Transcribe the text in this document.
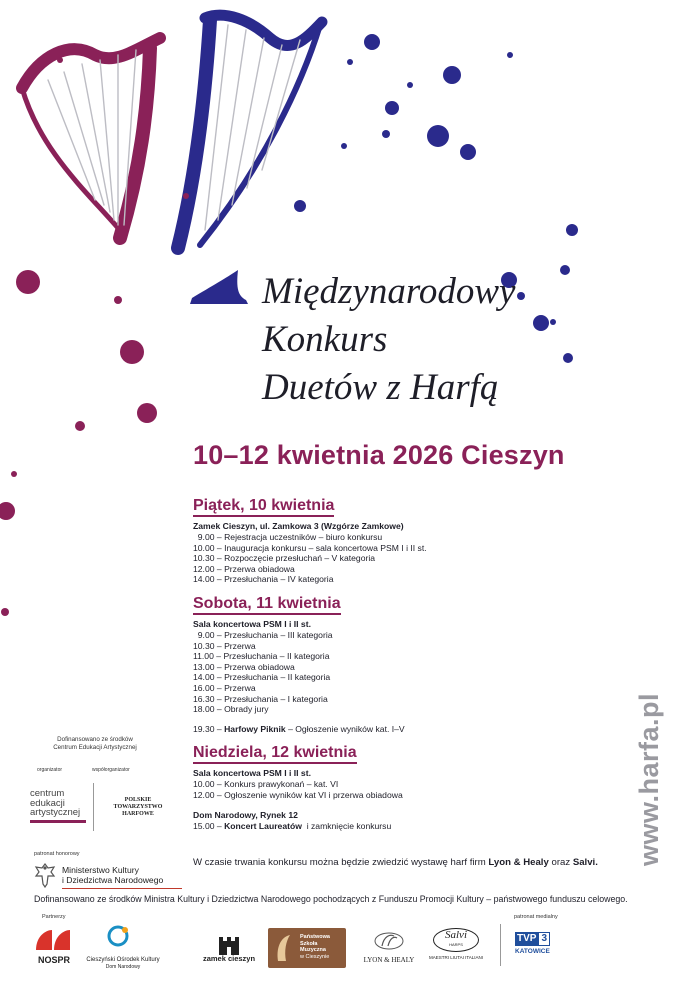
Międzynarodowy
Konkurs
Duetów z Harfą
10–12 kwietnia 2026 Cieszyn
Piątek, 10 kwietnia
Zamek Cieszyn, ul. Zamkowa 3 (Wzgórze Zamkowe)
9.00 – Rejestracja uczestników – biuro konkursu
10.00 – Inauguracja konkursu – sala koncertowa PSM I i II st.
10.30 – Rozpoczęcie przesłuchań – V kategoria
12.00 – Przerwa obiadowa
14.00 – Przesłuchania – IV kategoria
Sobota, 11 kwietnia
Sala koncertowa PSM I i II st.
9.00 – Przesłuchania – III kategoria
10.30 – Przerwa
11.00 – Przesłuchania – II kategoria
13.00 – Przerwa obiadowa
14.00 – Przesłuchania – II kategoria
16.00 – Przerwa
16.30 – Przesłuchania – I kategoria
18.00 – Obrady jury
19.30 – Harfowy Piknik – Ogłoszenie wyników kat. I–V
Niedziela, 12 kwietnia
Sala koncertowa PSM I i II st.
10.00 – Konkurs prawykonań – kat. VI
12.00 – Ogłoszenie wyników kat VI i przerwa obiadowa
Dom Narodowy, Rynek 12
15.00 – Koncert Laureatów i zamknięcie konkursu
W czasie trwania konkursu można będzie zwiedzić wystawę harf firm Lyon & Healy oraz Salvi. www.harfa.pl
Dofinansowano ze środków
Centrum Edukacji Artystycznej
organizator	współorganizator
centrum
edukacji
artystycznej
POLSKIE
TOWARZYSTWO
HARFOWE
patronat honorowy
Ministerstwo Kultury
i Dziedzictwa Narodowego
Dofinansowano ze środków Ministra Kultury i Dziedzictwa Narodowego pochodzących z Funduszu Promocji Kultury – państwowego funduszu celowego.
Partnerzy	patronat medialny
NOSPR	Cieszyński Ośrodek Kultury
Dom Narodowy
zamek cieszyn
Państwowa
Szkoła
Muzyczna
w Cieszynie	LYON & HEALY
Salvi
HARPS
MAESTRI LIUTAI ITALIANI
TVP 3
KATOWICE
